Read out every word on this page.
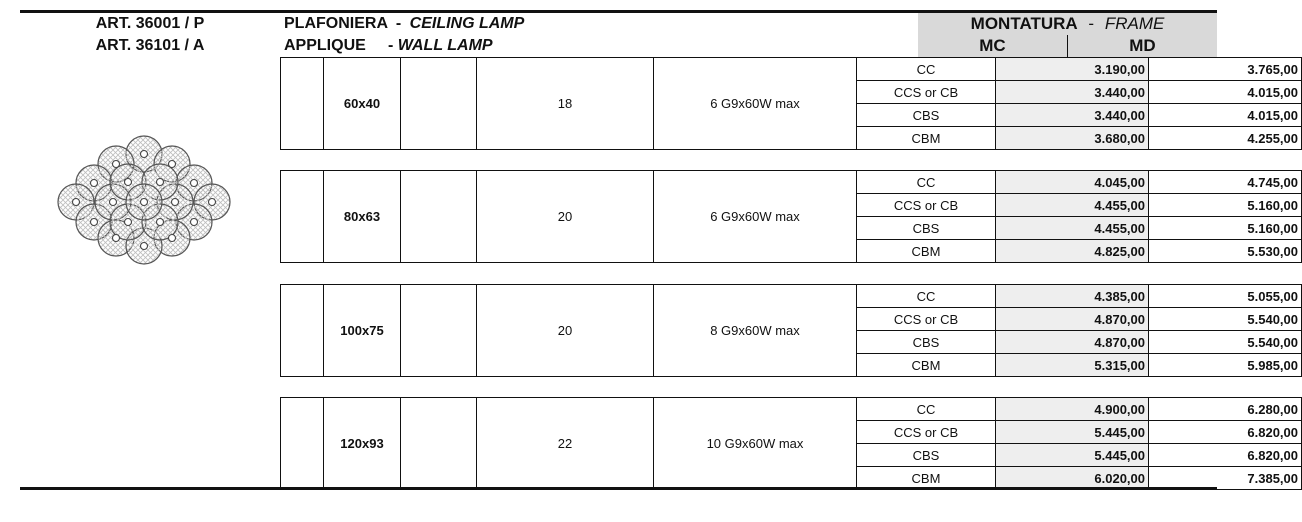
ART. 36001 / P
ART. 36101 / A
PLAFONIERA - CEILING LAMP
APPLIQUE - WALL LAMP
MONTATURA - FRAME
MC	MD
	60x40		18	6 G9x60W max	CC	3.190,00	3.765,00
					CCS or CB	3.440,00	4.015,00
					CBS	3.440,00	4.015,00
					CBM	3.680,00	4.255,00
	80x63		20	6 G9x60W max	CC	4.045,00	4.745,00
					CCS or CB	4.455,00	5.160,00
					CBS	4.455,00	5.160,00
					CBM	4.825,00	5.530,00
	100x75		20	8 G9x60W max	CC	4.385,00	5.055,00
					CCS or CB	4.870,00	5.540,00
					CBS	4.870,00	5.540,00
					CBM	5.315,00	5.985,00
	120x93		22	10 G9x60W max	CC	4.900,00	6.280,00
					CCS or CB	5.445,00	6.820,00
					CBS	5.445,00	6.820,00
					CBM	6.020,00	7.385,00
